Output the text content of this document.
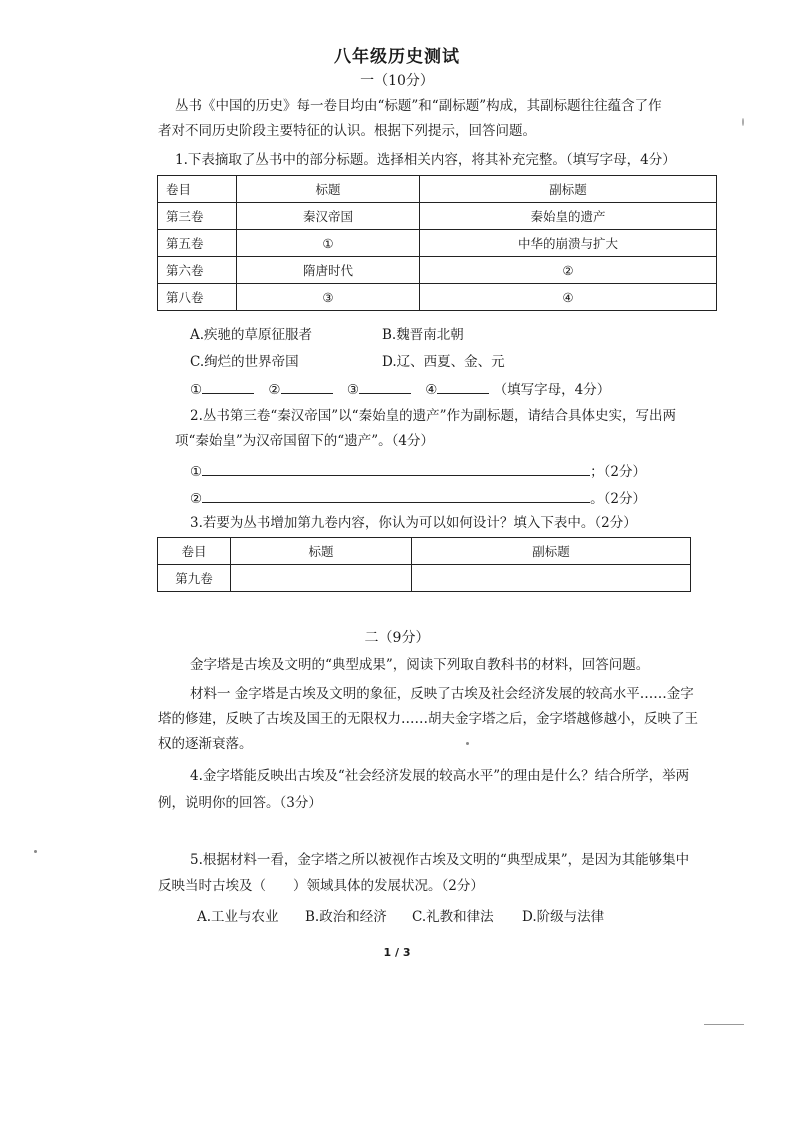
八年级历史测试
一（10分）
丛书《中国的历史》每一卷目均由“标题”和“副标题”构成，其副标题往往蕴含了作
者对不同历史阶段主要特征的认识。根据下列提示，回答问题。
1.下表摘取了丛书中的部分标题。选择相关内容，将其补充完整。（填写字母，4分）
卷目	标题	副标题
第三卷	秦汉帝国	秦始皇的遗产
第五卷	①	中华的崩溃与扩大
第六卷	隋唐时代	②
第八卷	③	④
A.疾驰的草原征服者	B.魏晋南北朝
C.绚烂的世界帝国	D.辽、西夏、金、元
①	②	③	④	（填写字母，4分）
2.丛书第三卷“秦汉帝国”以“秦始皇的遗产”作为副标题，请结合具体史实，写出两
项“秦始皇”为汉帝国留下的“遗产”。（4分）
①	；（2分）
②	。（2分）
3.若要为丛书增加第九卷内容，你认为可以如何设计？填入下表中。（2分）
卷目	标题	副标题
第九卷		
二（9分）
金字塔是古埃及文明的“典型成果”，阅读下列取自教科书的材料，回答问题。
材料一 金字塔是古埃及文明的象征，反映了古埃及社会经济发展的较高水平……金字
塔的修建，反映了古埃及国王的无限权力……胡夫金字塔之后，金字塔越修越小，反映了王
权的逐渐衰落。
4.金字塔能反映出古埃及“社会经济发展的较高水平”的理由是什么？结合所学，举两
例，说明你的回答。（3分）
5.根据材料一看，金字塔之所以被视作古埃及文明的“典型成果”，是因为其能够集中
反映当时古埃及（　　）领域具体的发展状况。（2分）
A.工业与农业 B.政治和经济 C.礼教和律法 D.阶级与法律
1 / 3
